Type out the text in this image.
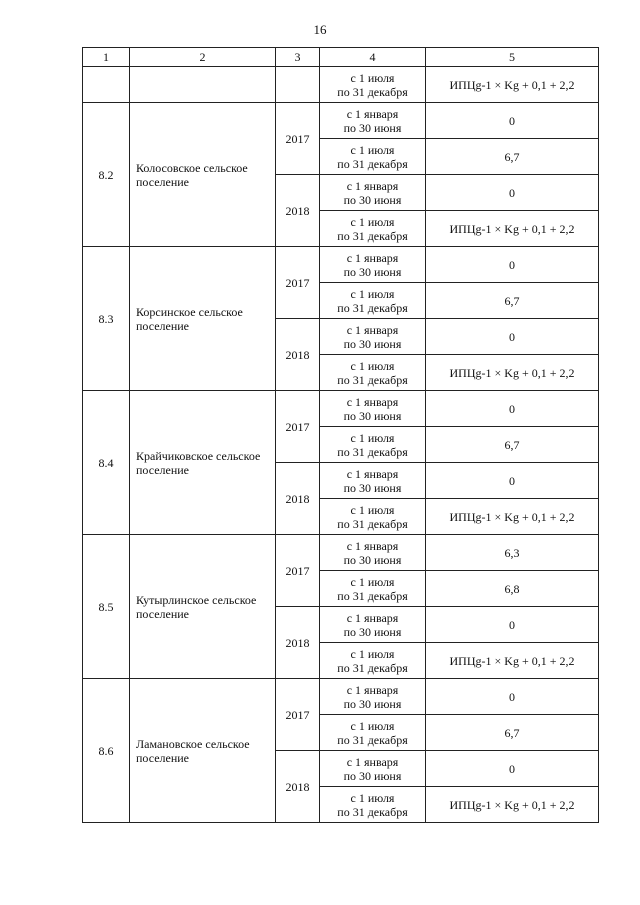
16
1	2	3	4	5

			с 1 июля
по 31 декабря	ИПЦg-1 × Kg + 0,1 + 2,2
8.2	Колосовское сельское поселение	2017	с 1 января
по 30 июня	0

			с 1 июля
по 31 декабря	6,7
		2018	с 1 января
по 30 июня	0

			с 1 июля
по 31 декабря	ИПЦg-1 × Kg + 0,1 + 2,2
8.3	Корсинское сельское поселение	2017	с 1 января
по 30 июня	0

			с 1 июля
по 31 декабря	6,7
		2018	с 1 января
по 30 июня	0

			с 1 июля
по 31 декабря	ИПЦg-1 × Kg + 0,1 + 2,2
8.4	Крайчиковское сельское поселение	2017	с 1 января
по 30 июня	0

			с 1 июля
по 31 декабря	6,7
		2018	с 1 января
по 30 июня	0

			с 1 июля
по 31 декабря	ИПЦg-1 × Kg + 0,1 + 2,2
8.5	Кутырлинское сельское поселение	2017	с 1 января
по 30 июня	6,3

			с 1 июля
по 31 декабря	6,8
		2018	с 1 января
по 30 июня	0

			с 1 июля
по 31 декабря	ИПЦg-1 × Kg + 0,1 + 2,2
8.6	Ламановское сельское поселение	2017	с 1 января
по 30 июня	0

			с 1 июля
по 31 декабря	6,7
		2018	с 1 января
по 30 июня	0

			с 1 июля
по 31 декабря	ИПЦg-1 × Kg + 0,1 + 2,2
